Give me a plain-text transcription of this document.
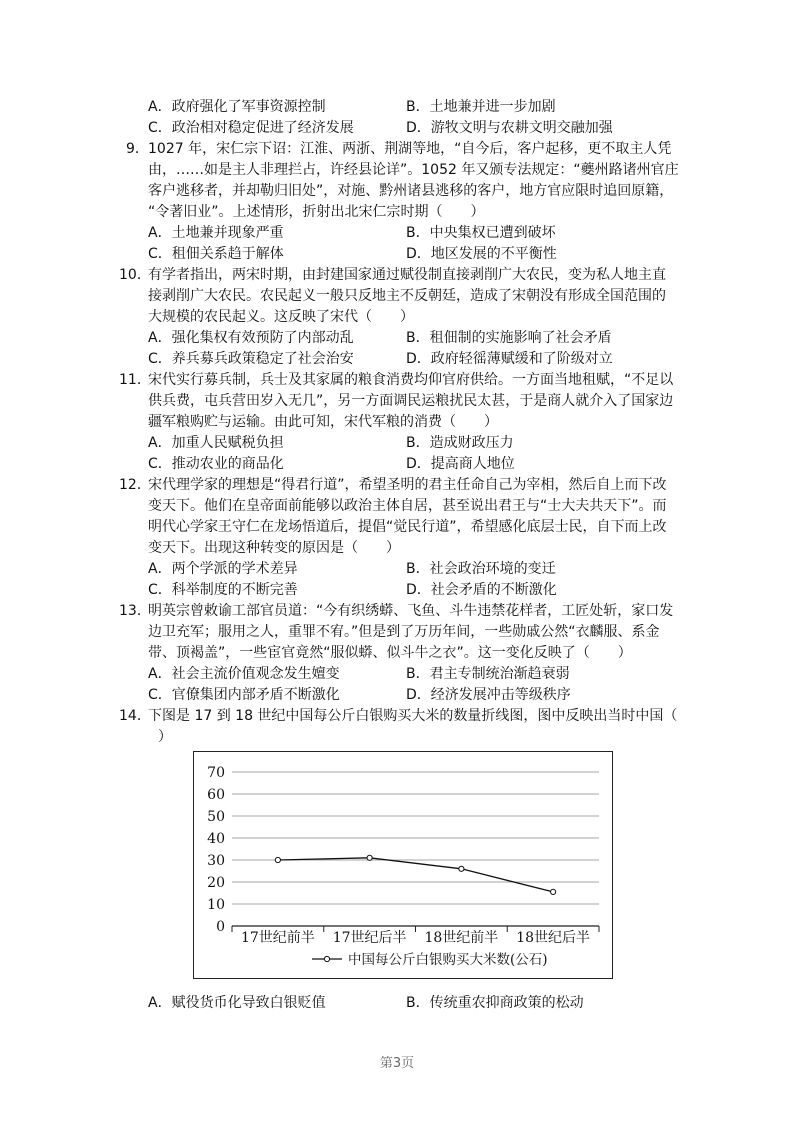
A．政府强化了军事资源控制	B．土地兼并进一步加剧
C．政治相对稳定促进了经济发展	D．游牧文明与农耕文明交融加强
9． 1027 年，宋仁宗下诏：江淮、两浙、荆湖等地，“自今后，客户起移，更不取主人凭
由，……如是主人非理拦占，许经县论详”。1052 年又颁专法规定：“夔州路诸州官庄
客户逃移者，并却勒归旧处”，对施、黔州诸县逃移的客户，地方官应限时追回原籍，
“令著旧业”。上述情形，折射出北宋仁宗时期（　　）
A．土地兼并现象严重	B．中央集权已遭到破坏
C．租佃关系趋于解体	D．地区发展的不平衡性
10．
有学者指出，两宋时期，由封建国家通过赋役制直接剥削广大农民，变为私人地主直
接剥削广大农民。农民起义一般只反地主不反朝廷，造成了宋朝没有形成全国范围的
大规模的农民起义。这反映了宋代（　　）
A．强化集权有效预防了内部动乱	B．租佃制的实施影响了社会矛盾
C．养兵募兵政策稳定了社会治安	D．政府轻徭薄赋缓和了阶级对立
11．
宋代实行募兵制，兵士及其家属的粮食消费均仰官府供给。一方面当地租赋，“不足以
供兵费，屯兵营田岁入无几”，另一方面调民运粮扰民太甚，于是商人就介入了国家边
疆军粮购贮与运输。由此可知，宋代军粮的消费（　　）
A．加重人民赋税负担	B．造成财政压力
C．推动农业的商品化	D．提高商人地位
12．
宋代理学家的理想是“得君行道”，希望圣明的君主任命自己为宰相，然后自上而下改
变天下。他们在皇帝面前能够以政治主体自居，甚至说出君王与“士大夫共天下”。而
明代心学家王守仁在龙场悟道后，提倡“觉民行道”，希望感化底层士民，自下而上改
变天下。出现这种转变的原因是（　　）
A．两个学派的学术差异	B．社会政治环境的变迁
C．科举制度的不断完善	D．社会矛盾的不断激化
13．
明英宗曾敕谕工部官员道：“今有织绣蟒、飞鱼、斗牛违禁花样者，工匠处斩，家口发
边卫充军；服用之人，重罪不宥。”但是到了万历年间，一些勋戚公然“衣麟服、系金
带、顶褐盖”，一些宦官竟然“服似蟒、似斗牛之衣”。这一变化反映了（　　）
A．社会主流价值观念发生嬗变	B．君主专制统治渐趋衰弱
C．官僚集团内部矛盾不断激化	D．经济发展冲击等级秩序
14．
下图是 17 到 18 世纪中国每公斤白银购买大米的数量折线图，图中反映出当时中国（
）
0
10
20
30
40
50
60
70
17世纪前半 17世纪后半 18世纪前半 18世纪后半
中国每公斤白银购买大米数(公石)
A．赋役货币化导致白银贬值	B．传统重农抑商政策的松动
第3页
